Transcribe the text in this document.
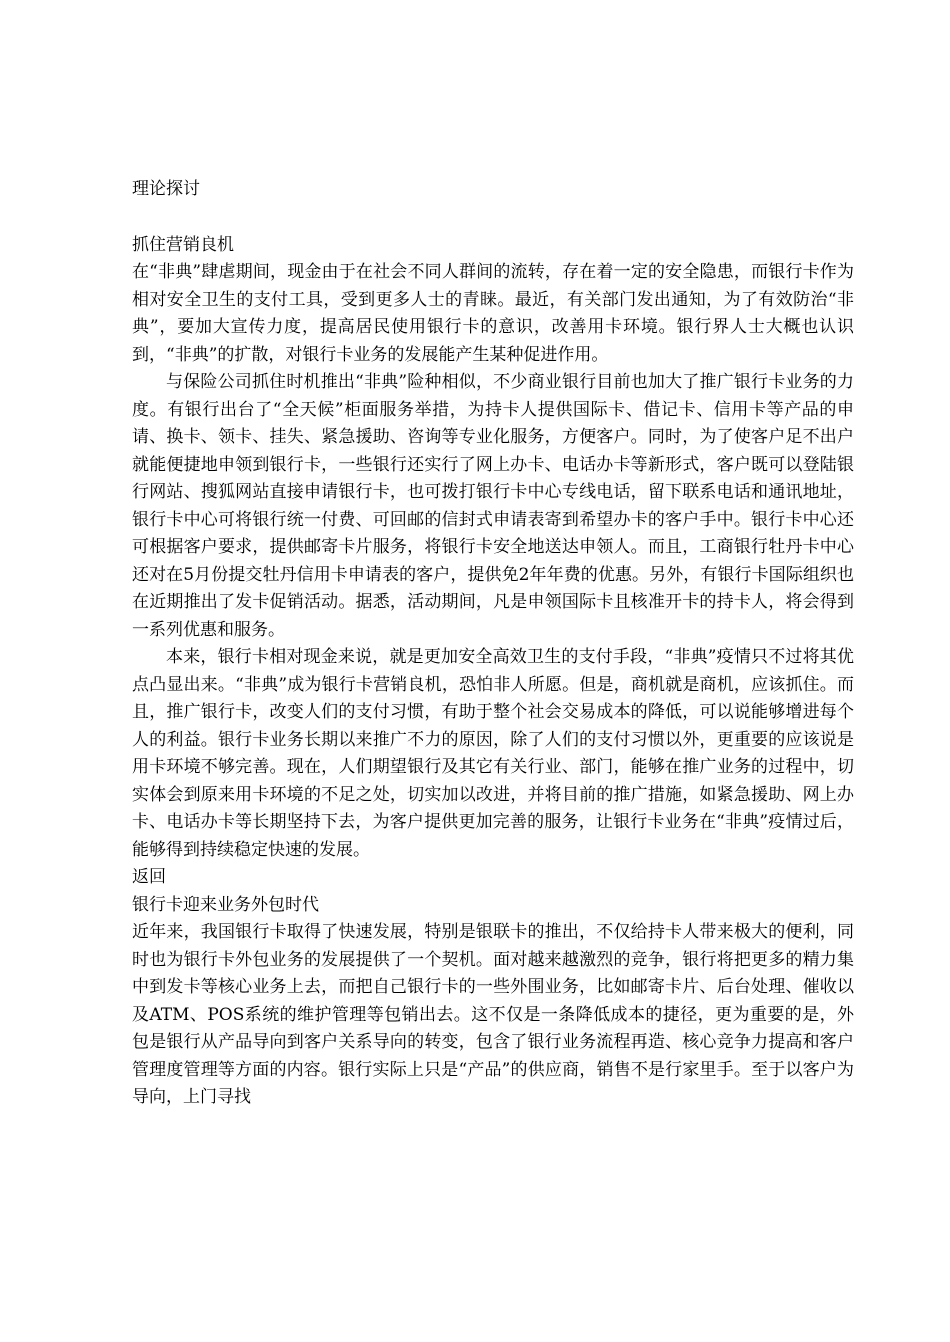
理论探讨

抓住营销良机

在“非典”肆虐期间，现金由于在社会不同人群间的流转，存在着一定的安全隐患，而银行卡作为相对安全卫生的支付工具，受到更多人士的青睐。最近，有关部门发出通知，为了有效防治“非典”，要加大宣传力度，提高居民使用银行卡的意识，改善用卡环境。银行界人士大概也认识到，“非典”的扩散，对银行卡业务的发展能产生某种促进作用。

与保险公司抓住时机推出“非典”险种相似，不少商业银行目前也加大了推广银行卡业务的力度。有银行出台了“全天候”柜面服务举措，为持卡人提供国际卡、借记卡、信用卡等产品的申请、换卡、领卡、挂失、紧急援助、咨询等专业化服务，方便客户。同时，为了使客户足不出户就能便捷地申领到银行卡，一些银行还实行了网上办卡、电话办卡等新形式，客户既可以登陆银行网站、搜狐网站直接申请银行卡，也可拨打银行卡中心专线电话，留下联系电话和通讯地址，银行卡中心可将银行统一付费、可回邮的信封式申请表寄到希望办卡的客户手中。银行卡中心还可根据客户要求，提供邮寄卡片服务，将银行卡安全地送达申领人。而且，工商银行牡丹卡中心还对在5月份提交牡丹信用卡申请表的客户，提供免2年年费的优惠。另外，有银行卡国际组织也在近期推出了发卡促销活动。据悉，活动期间，凡是申领国际卡且核准开卡的持卡人，将会得到一系列优惠和服务。

本来，银行卡相对现金来说，就是更加安全高效卫生的支付手段，“非典”疫情只不过将其优点凸显出来。“非典”成为银行卡营销良机，恐怕非人所愿。但是，商机就是商机，应该抓住。而且，推广银行卡，改变人们的支付习惯，有助于整个社会交易成本的降低，可以说能够增进每个人的利益。银行卡业务长期以来推广不力的原因，除了人们的支付习惯以外，更重要的应该说是用卡环境不够完善。现在，人们期望银行及其它有关行业、部门，能够在推广业务的过程中，切实体会到原来用卡环境的不足之处，切实加以改进，并将目前的推广措施，如紧急援助、网上办卡、电话办卡等长期坚持下去，为客户提供更加完善的服务，让银行卡业务在“非典”疫情过后，能够得到持续稳定快速的发展。

返回

银行卡迎来业务外包时代

近年来，我国银行卡取得了快速发展，特别是银联卡的推出，不仅给持卡人带来极大的便利，同时也为银行卡外包业务的发展提供了一个契机。面对越来越激烈的竞争，银行将把更多的精力集中到发卡等核心业务上去，而把自己银行卡的一些外围业务，比如邮寄卡片、后台处理、催收以及ATM、POS系统的维护管理等包销出去。这不仅是一条降低成本的捷径，更为重要的是，外包是银行从产品导向到客户关系导向的转变，包含了银行业务流程再造、核心竞争力提高和客户管理度管理等方面的内容。银行实际上只是“产品”的供应商，销售不是行家里手。至于以客户为导向，上门寻找
